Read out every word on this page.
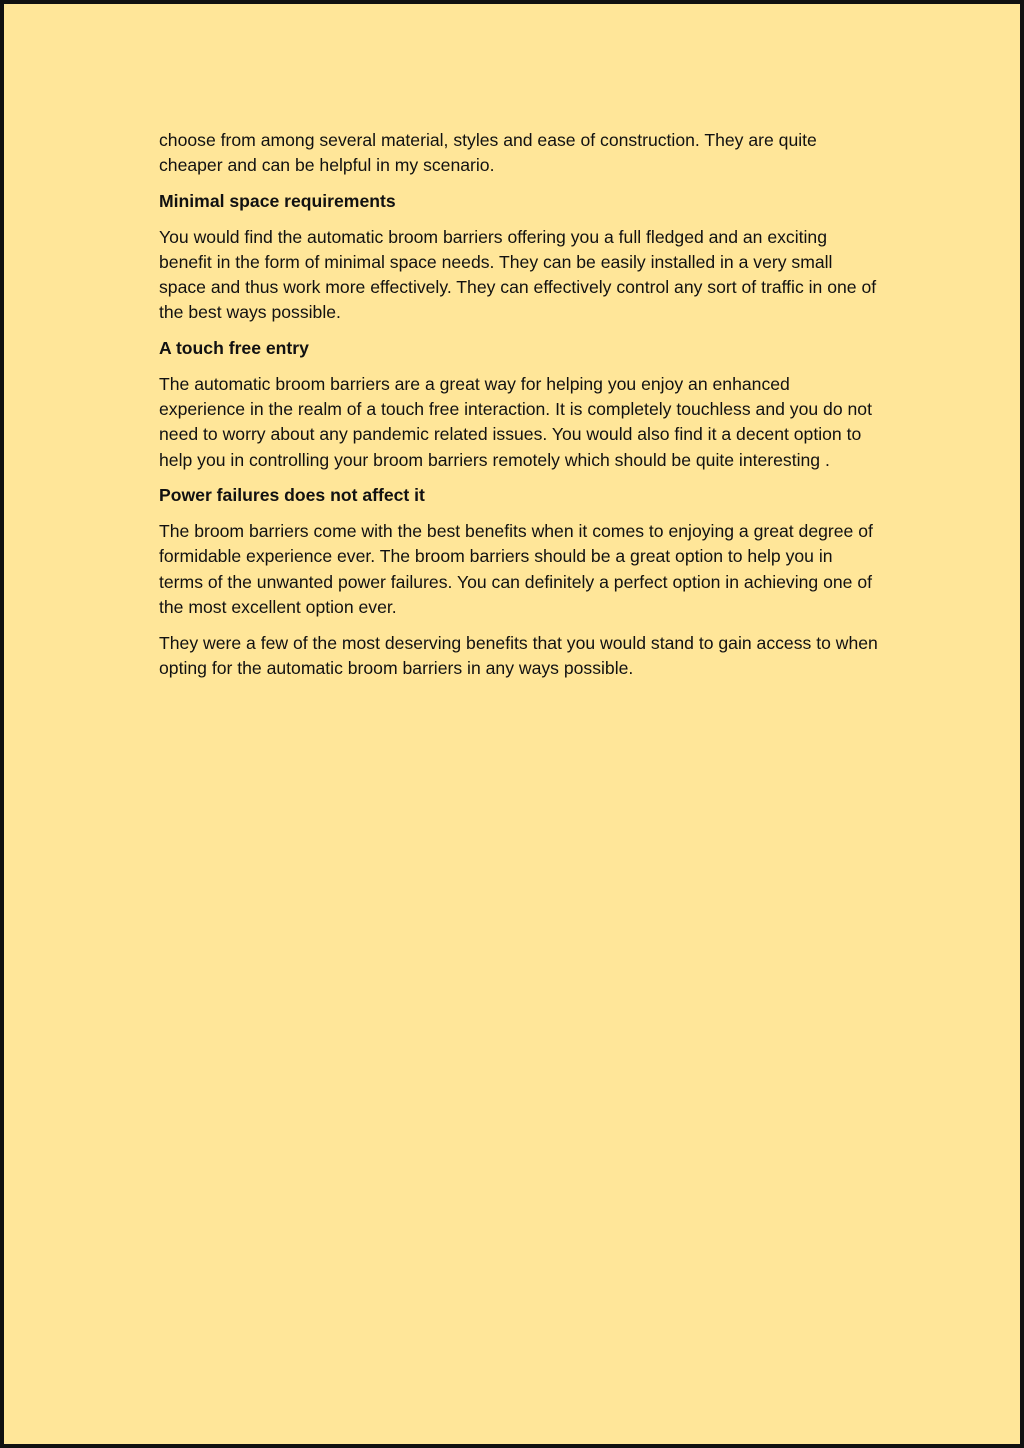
choose from among several material, styles and ease of construction. They are quite cheaper and can be helpful in my scenario.

Minimal space requirements

You would find the automatic broom barriers offering you a full fledged and an exciting benefit in the form of minimal space needs. They can be easily installed in a very small space and thus work more effectively. They can effectively control any sort of traffic in one of the best ways possible.

A touch free entry

The automatic broom barriers are a great way for helping you enjoy an enhanced experience in the realm of a touch free interaction. It is completely touchless and you do not need to worry about any pandemic related issues. You would also find it a decent option to help you in controlling your broom barriers remotely which should be quite interesting .

Power failures does not affect it

The broom barriers come with the best benefits when it comes to enjoying a great degree of formidable experience ever. The broom barriers should be a great option to help you in terms of the unwanted power failures. You can definitely a perfect option in achieving one of the most excellent option ever.

They were a few of the most deserving benefits that you would stand to gain access to when opting for the automatic broom barriers in any ways possible.
